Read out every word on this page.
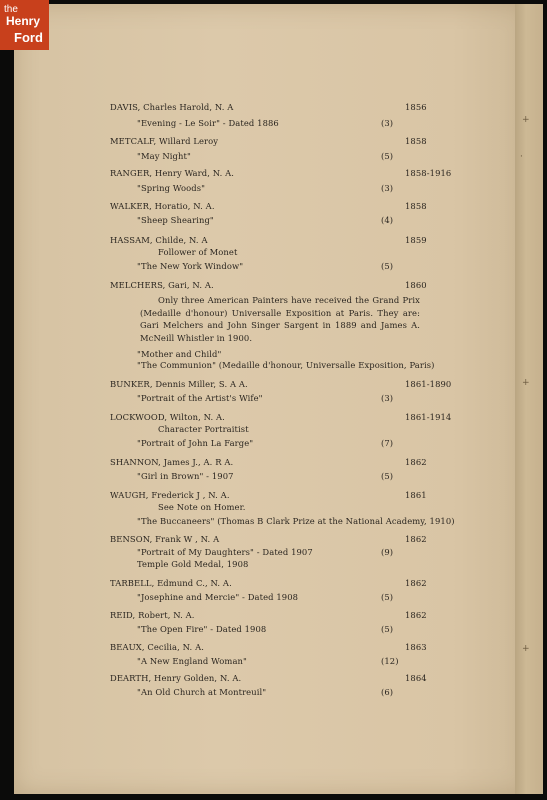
+
·
+
+
the
Henry
Ford
DAVIS, Charles Harold, N. A	1856
"Evening - Le Soir" - Dated 1886	(3)
METCALF, Willard Leroy	1858
"May Night"	(5)
RANGER, Henry Ward, N. A.	1858-1916
"Spring Woods"	(3)
WALKER, Horatio, N. A.	1858
"Sheep Shearing"	(4)
HASSAM, Childe, N. A	1859
Follower of Monet
"The New York Window"	(5)
MELCHERS, Gari, N. A.	1860
Only three American Painters have received the Grand Prix (Medaille d'honour) Universalle Exposition at Paris. They are: Gari Melchers and John Singer Sargent in 1889 and James A. McNeill Whistler in 1900.
"Mother and Child"
"The Communion" (Medaille d'honour, Universalle Exposition, Paris)
BUNKER, Dennis Miller, S. A A.	1861-1890
"Portrait of the Artist's Wife"	(3)
LOCKWOOD, Wilton, N. A.	1861-1914
Character Portraitist
"Portrait of John La Farge"	(7)
SHANNON, James J., A. R A.	1862
"Girl in Brown" - 1907	(5)
WAUGH, Frederick J , N. A.	1861
See Note on Homer.
"The Buccaneers" (Thomas B Clark Prize at the National Academy, 1910)
BENSON, Frank W , N. A	1862
"Portrait of My Daughters" - Dated 1907	(9)
Temple Gold Medal, 1908
TARBELL, Edmund C., N. A.	1862
"Josephine and Mercie" - Dated 1908	(5)
REID, Robert, N. A.	1862
"The Open Fire" - Dated 1908	(5)
BEAUX, Cecilia, N. A.	1863
"A New England Woman"	(12)
DEARTH, Henry Golden, N. A.	1864
"An Old Church at Montreuil"	(6)
